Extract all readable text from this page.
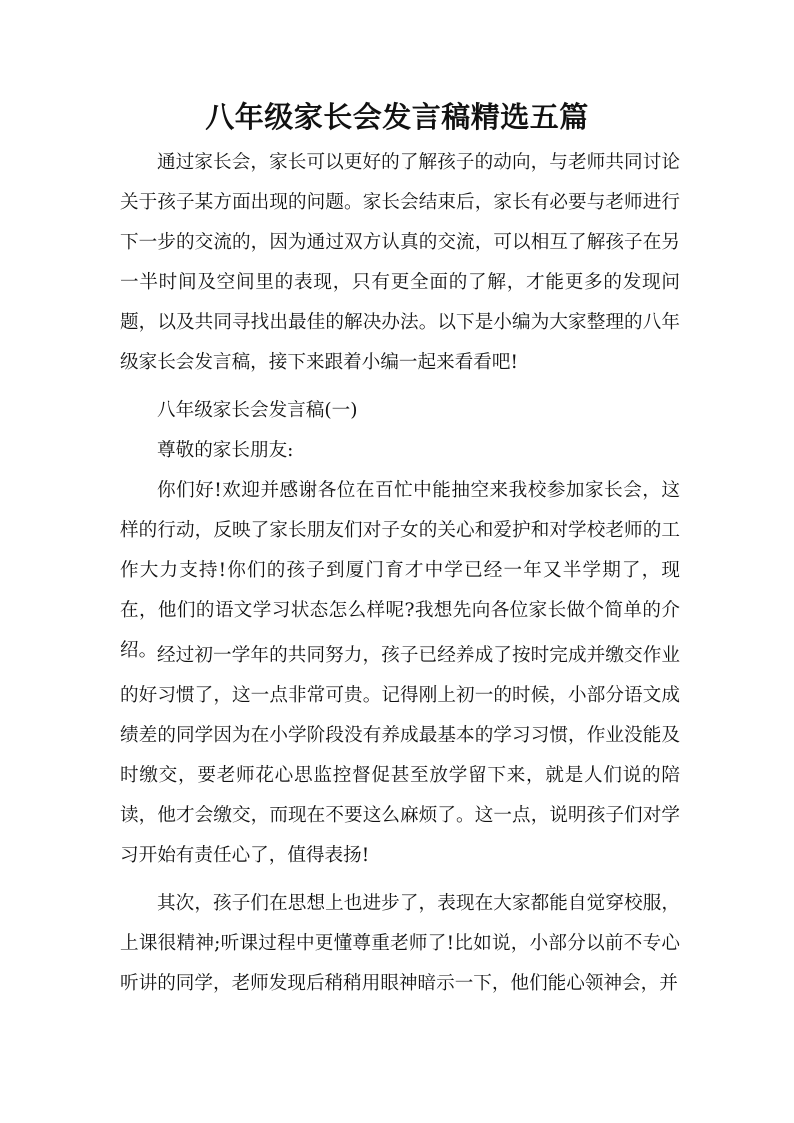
八年级家长会发言稿精选五篇

通过家长会，家长可以更好的了解孩子的动向，与老师共同讨论关于孩子某方面出现的问题。家长会结束后，家长有必要与老师进行下一步的交流的，因为通过双方认真的交流，可以相互了解孩子在另一半时间及空间里的表现，只有更全面的了解，才能更多的发现问题，以及共同寻找出最佳的解决办法。以下是小编为大家整理的八年级家长会发言稿，接下来跟着小编一起来看看吧!

八年级家长会发言稿(一)

尊敬的家长朋友:

你们好!欢迎并感谢各位在百忙中能抽空来我校参加家长会，这样的行动，反映了家长朋友们对子女的关心和爱护和对学校老师的工作大力支持!你们的孩子到厦门育才中学已经一年又半学期了，现在，他们的语文学习状态怎么样呢?我想先向各位家长做个简单的介绍。 经过初一学年的共同努力，孩子已经养成了按时完成并缴交作业的好习惯了，这一点非常可贵。记得刚上初一的时候，小部分语文成绩差的同学因为在小学阶段没有养成最基本的学习习惯，作业没能及时缴交，要老师花心思监控督促甚至放学留下来，就是人们说的陪读，他才会缴交，而现在不要这么麻烦了。这一点，说明孩子们对学习开始有责任心了，值得表扬!

其次，孩子们在思想上也进步了，表现在大家都能自觉穿校服，上课很精神;听课过程中更懂尊重老师了!比如说，小部分以前不专心听讲的同学，老师发现后稍稍用眼神暗示一下，他们能心领神会，并
